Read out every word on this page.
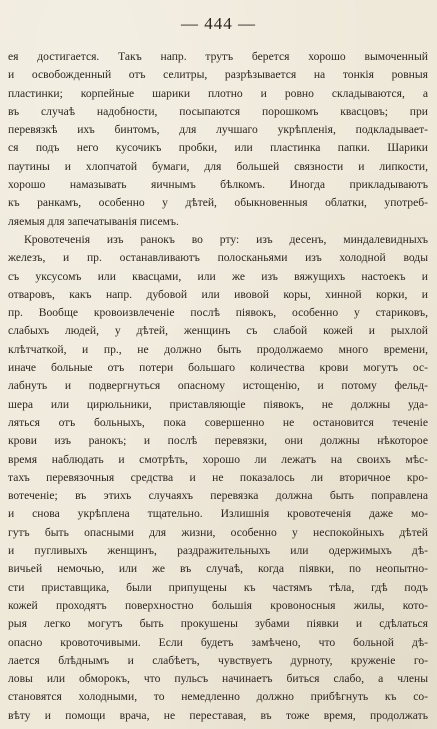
— 444 —
ея достигается. Такъ напр. трутъ берется хорошо вымоченный
и освобожденный отъ селитры, разрѣзывается на тонкія ровныя
пластинки; корпейные шарики плотно и ровно складываются, а
въ случаѣ надобности, посыпаются порошкомъ квасцовъ; при
перевязкѣ ихъ бинтомъ, для лучшаго укрѣпленія, подкладывает-
ся подъ него кусочикъ пробки, или пластинка папки. Шарики
паутины и хлопчатой бумаги, для большей связности и липкости,
хорошо намазывать яичнымъ бѣлкомъ. Иногда прикладываютъ
къ ранкамъ, особенно у дѣтей, обыкновенныя облатки, употреб-
ляемыя для запечатыванія писемъ.
Кровотеченія изъ ранокъ во рту: изъ десенъ, миндалевидныхъ
железъ, и пр. останавливаютъ полосканьями изъ холодной воды
съ уксусомъ или квасцами, или же изъ вяжущихъ настоекъ и
отваровъ, какъ напр. дубовой или ивовой коры, хинной корки, и
пр. Вообще кровоизвлеченіе послѣ піявокъ, особенно у стариковъ,
слабыхъ людей, у дѣтей, женщинъ съ слабой кожей и рыхлой
клѣтчаткой, и пр., не должно быть продолжаемо много времени,
иначе больные отъ потери большаго количества крови могутъ ос-
лабнуть и подвергнуться опасному истощенію, и потому фельд-
шера или цирюльники, приставляющіе піявокъ, не должны уда-
ляться отъ больныхъ, пока совершенно не остановится теченіе
крови изъ ранокъ; и послѣ перевязки, они должны нѣкоторое
время наблюдать и смотрѣть, хорошо ли лежатъ на своихъ мѣс-
тахъ перевязочныя средства и не показалось ли вторичное кро-
вотеченіе; въ этихъ случаяхъ перевязка должна быть поправлена
и снова укрѣплена тщательно. Излишнія кровотеченія даже мо-
гутъ быть опасными для жизни, особенно у неспокойныхъ дѣтей
и пугливыхъ женщинъ, раздражительныхъ или одержимыхъ дѣ-
вичьей немочью, или же въ случаѣ, когда піявки, по неопытно-
сти приставщика, были припущены къ частямъ тѣла, гдѣ подъ
кожей проходятъ поверхностно большія кровоносныя жилы, кото-
рыя легко могутъ быть прокушены зубами піявки и сдѣлаться
опасно кровоточивыми. Если будетъ замѣчено, что больной дѣ-
лается блѣднымъ и слабѣетъ, чувствуетъ дурноту, круженіе го-
ловы или обморокъ, что пульсъ начинаетъ биться слабо, а члены
становятся холодными, то немедленно должно прибѣгнуть къ со-
вѣту и помощи врача, не переставая, въ тоже время, продолжать
